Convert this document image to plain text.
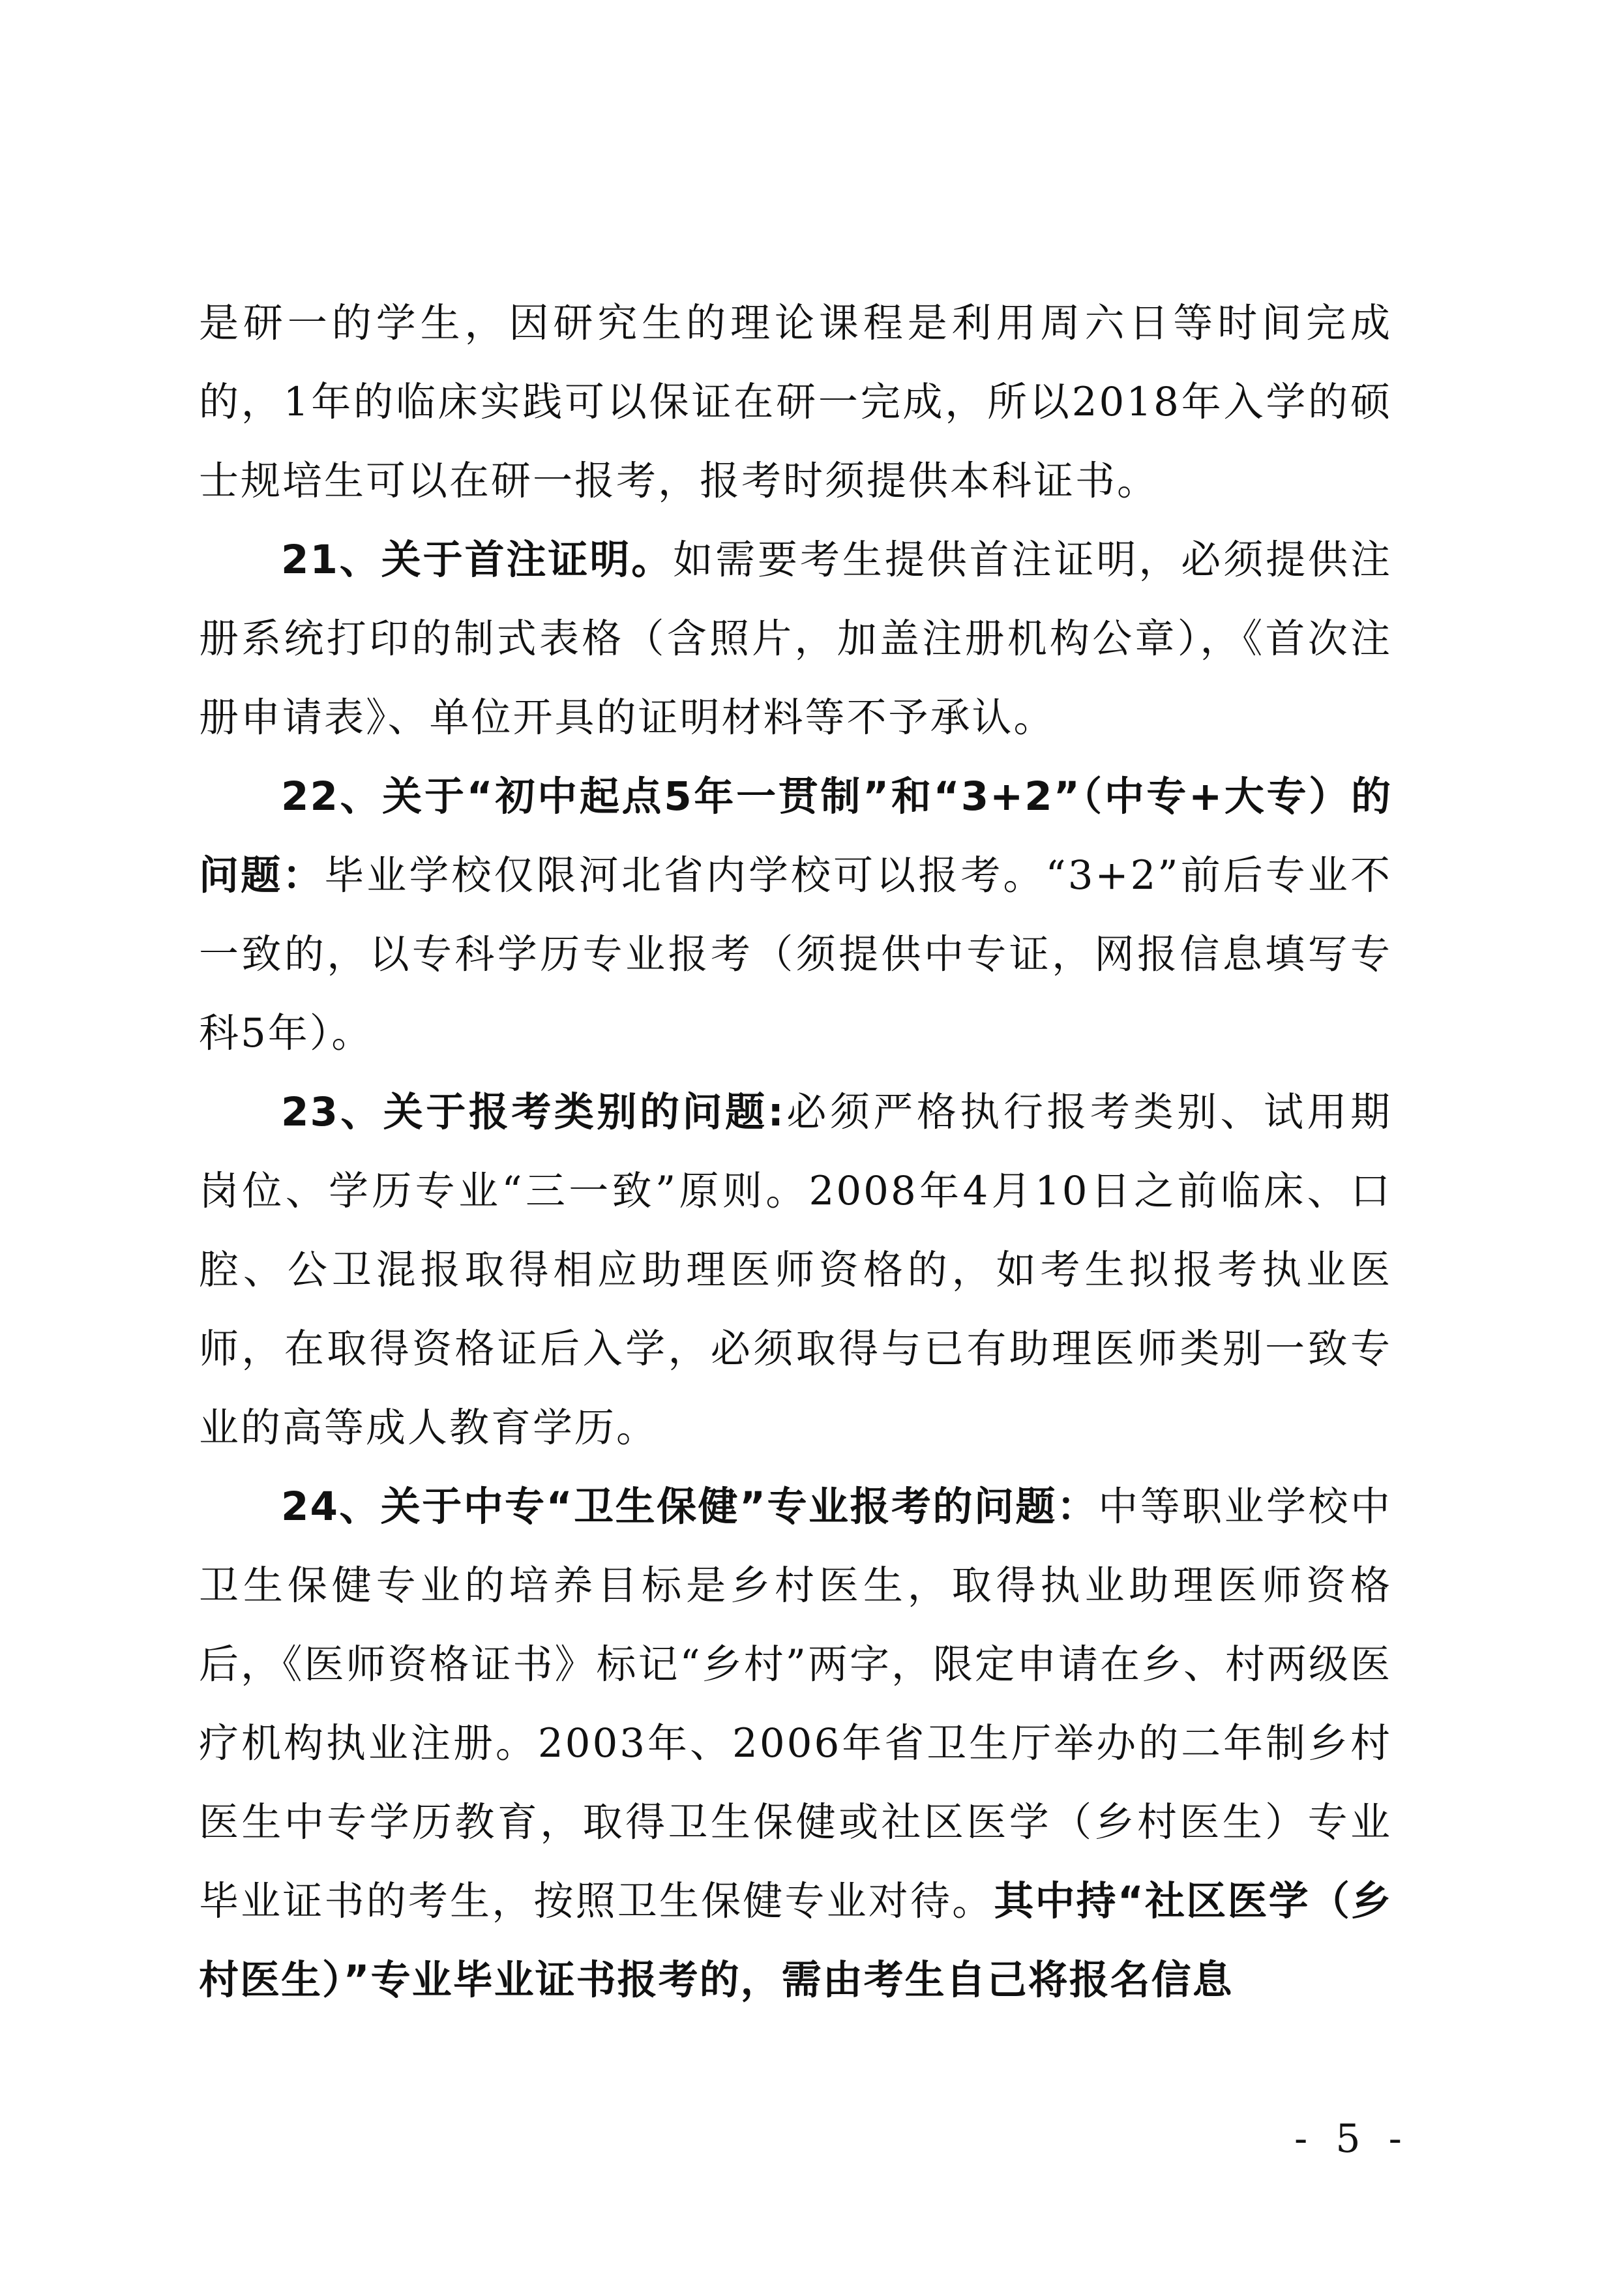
是研一的学生，因研究生的理论课程是利用周六日等时间完成的，1年的临床实践可以保证在研一完成，所以2018年入学的硕士规培生可以在研一报考，报考时须提供本科证书。

21、关于首注证明。如需要考生提供首注证明，必须提供注册系统打印的制式表格（含照片，加盖注册机构公章），《首次注册申请表》、单位开具的证明材料等不予承认。

22、关于“初中起点5年一贯制”和“3+2”（中专+大专）的问题：毕业学校仅限河北省内学校可以报考。“3+2”前后专业不一致的，以专科学历专业报考（须提供中专证，网报信息填写专科5年）。

23、关于报考类别的问题:必须严格执行报考类别、试用期岗位、学历专业“三一致”原则。2008年4月10日之前临床、口腔、公卫混报取得相应助理医师资格的，如考生拟报考执业医师，在取得资格证后入学，必须取得与已有助理医师类别一致专业的高等成人教育学历。

24、关于中专“卫生保健”专业报考的问题：中等职业学校中卫生保健专业的培养目标是乡村医生，取得执业助理医师资格后，《医师资格证书》标记“乡村”两字，限定申请在乡、村两级医疗机构执业注册。2003年、2006年省卫生厅举办的二年制乡村医生中专学历教育，取得卫生保健或社区医学（乡村医生）专业毕业证书的考生，按照卫生保健专业对待。其中持“社区医学（乡村医生）”专业毕业证书报考的，需由考生自己将报名信息

- 5 -
